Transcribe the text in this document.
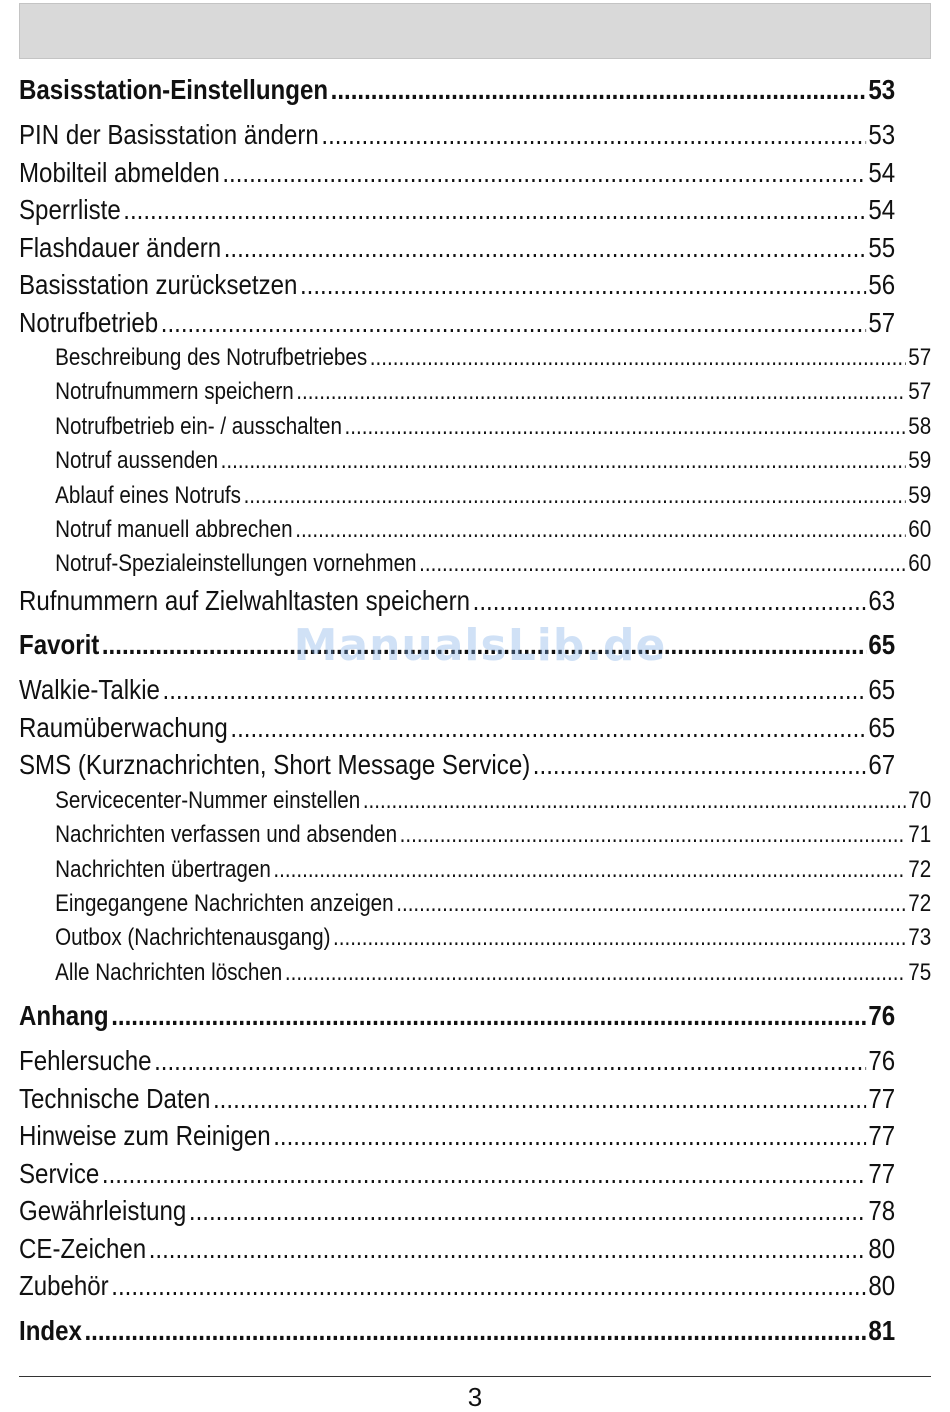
Basisstation-Einstellungen .....	53
PIN der Basisstation ändern .....	53
Mobilteil abmelden .....	54
Sperrliste .....	54
Flashdauer ändern .....	55
Basisstation zurücksetzen .....	56
Notrufbetrieb .....	57
Beschreibung des Notrufbetriebes .....	57
Notrufnummern speichern .....	57
Notrufbetrieb ein- / ausschalten .....	58
Notruf aussenden .....	59
Ablauf eines Notrufs .....	59
Notruf manuell abbrechen .....	60
Notruf-Spezialeinstellungen vornehmen .....	60
Rufnummern auf Zielwahltasten speichern .....	63
Favorit .....	65
Walkie-Talkie .....	65
Raumüberwachung .....	65
SMS (Kurznachrichten, Short Message Service) .....	67
Servicecenter-Nummer einstellen .....	70
Nachrichten verfassen und absenden .....	71
Nachrichten übertragen .....	72
Eingegangene Nachrichten anzeigen .....	72
Outbox (Nachrichtenausgang) .....	73
Alle Nachrichten löschen .....	75
Anhang .....	76
Fehlersuche .....	76
Technische Daten .....	77
Hinweise zum Reinigen .....	77
Service .....	77
Gewährleistung .....	78
CE-Zeichen .....	80
Zubehör .....	80
Index .....	81
ManualsLib.de
3
